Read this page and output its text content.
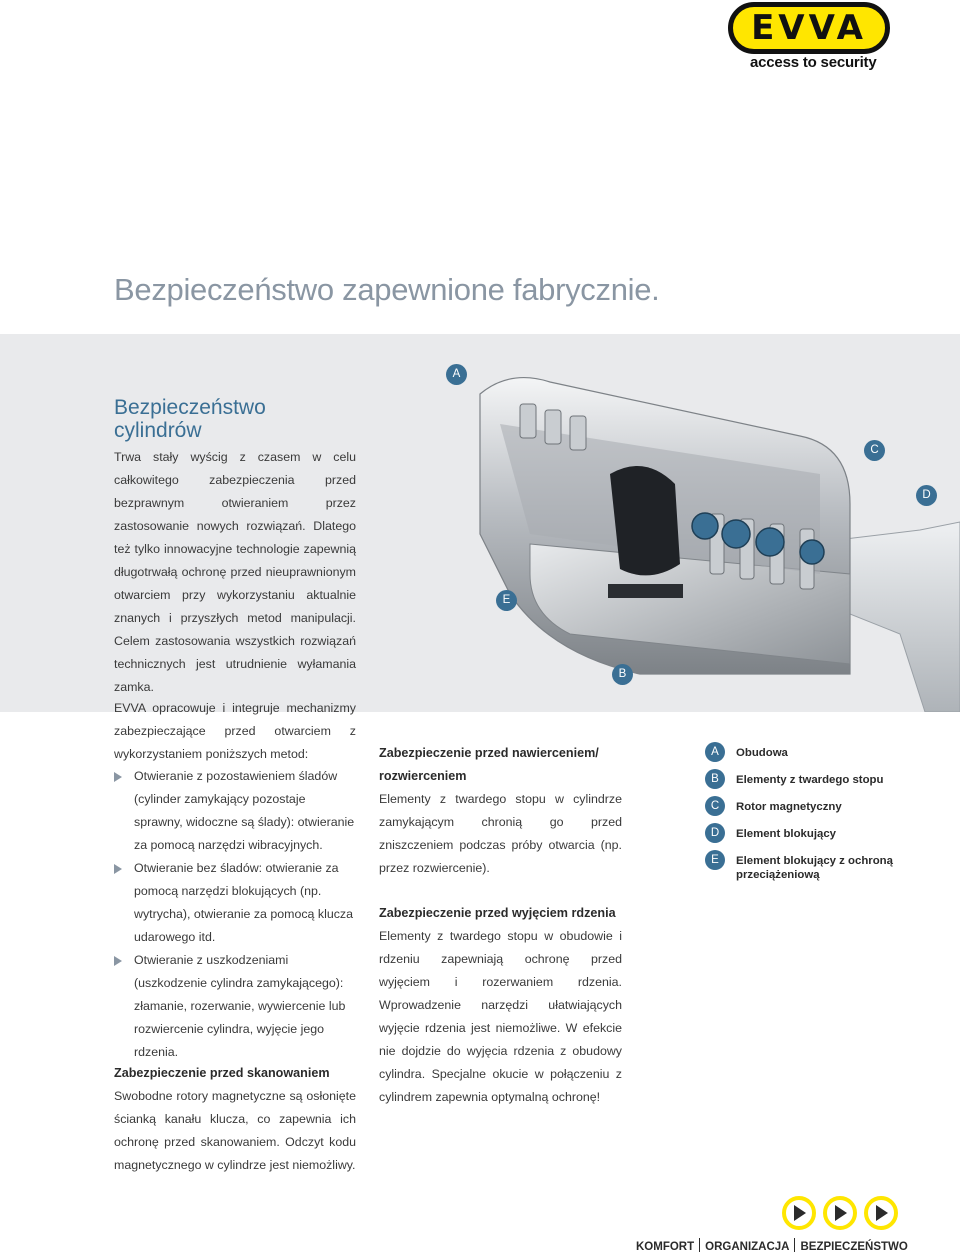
EVVA
access to security
Bezpieczeństwo zapewnione fabrycznie.
Bezpieczeństwo cylindrów
Trwa stały wyścig z czasem w celu całkowitego zabezpieczenia przed bezprawnym otwieraniem przez zastosowanie nowych rozwiązań. Dlatego też tylko innowacyjne technologie zapewnią długotrwałą ochronę przed nieuprawnionym otwarciem przy wykorzystaniu aktualnie znanych i przyszłych metod manipulacji. Celem zastosowania wszystkich rozwiązań technicznych jest utrudnienie wyłamania zamka.
EVVA opracowuje i integruje mechanizmy zabezpieczające przed otwarciem z wykorzystaniem poniższych metod:
Otwieranie z pozostawieniem śladów (cylinder zamykający pozostaje sprawny, widoczne są ślady): otwieranie za pomocą narzędzi wibracyjnych.
Otwieranie bez śladów: otwieranie za pomocą narzędzi blokujących (np. wytrycha), otwieranie za pomocą klucza udarowego itd.
Otwieranie z uszkodzeniami (uszkodzenie cylindra zamykającego): złamanie, rozerwanie, wywiercenie lub rozwiercenie cylindra, wyjęcie jego rdzenia.
Zabezpieczenie przed skanowaniem
Swobodne rotory magnetyczne są osłonięte ścianką kanału klucza, co zapewnia ich ochronę przed skanowaniem. Odczyt kodu magnetycznego w cylindrze jest niemożliwy.
Zabezpieczenie przed nawierceniem/ rozwierceniem
Elementy z twardego stopu w cylindrze zamykającym chronią go przed zniszczeniem podczas próby otwarcia (np. przez rozwiercenie).
Zabezpieczenie przed wyjęciem rdzenia
Elementy z twardego stopu w obudowie i rdzeniu zapewniają ochronę przed wyjęciem i rozerwaniem rdzenia. Wprowadzenie narzędzi ułatwiających wyjęcie rdzenia jest niemożliwe. W efekcie nie dojdzie do wyjęcia rdzenia z obudowy cylindra. Specjalne okucie w połączeniu z cylindrem zapewnia optymalną ochronę!
A	Obudowa
B	Elementy z twardego stopu
C	Rotor magnetyczny
D	Element blokujący
E	Element blokujący z ochroną przeciążeniową
A
B
C
D
E
KOMFORT ORGANIZACJA BEZPIECZEŃSTWO
